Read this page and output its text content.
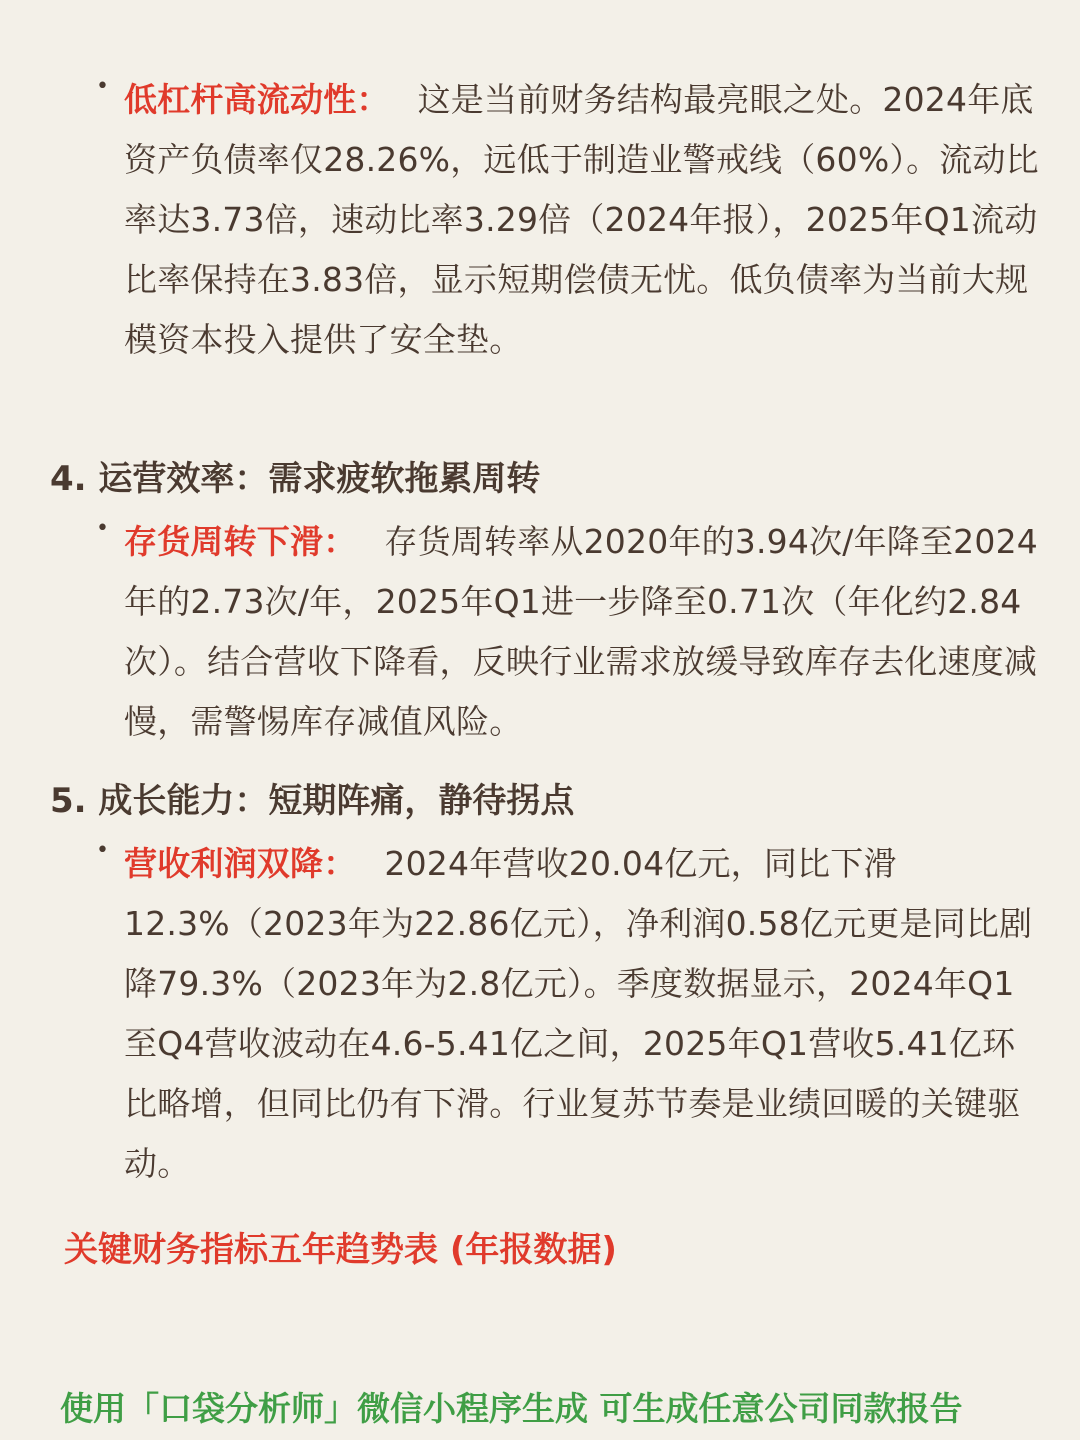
• 低杠杆高流动性： 这是当前财务结构最亮眼之处。2024年底资产负债率仅28.26%，远低于制造业警戒线（60%）。流动比率达3.73倍，速动比率3.29倍（2024年报），2025年Q1流动比率保持在3.83倍，显示短期偿债无忧。低负债率为当前大规模资本投入提供了安全垫。
4. 运营效率：需求疲软拖累周转
• 存货周转下滑： 存货周转率从2020年的3.94次/年降至2024年的2.73次/年，2025年Q1进一步降至0.71次（年化约2.84次）。结合营收下降看，反映行业需求放缓导致库存去化速度减慢，需警惕库存减值风险。
5. 成长能力：短期阵痛，静待拐点
• 营收利润双降： 2024年营收20.04亿元，同比下滑12.3%（2023年为22.86亿元），净利润0.58亿元更是同比剧降79.3%（2023年为2.8亿元）。季度数据显示，2024年Q1至Q4营收波动在4.6-5.41亿之间，2025年Q1营收5.41亿环比略增，但同比仍有下滑。行业复苏节奏是业绩回暖的关键驱动。
关键财务指标五年趋势表 (年报数据)
使用「口袋分析师」微信小程序生成 可生成任意公司同款报告
